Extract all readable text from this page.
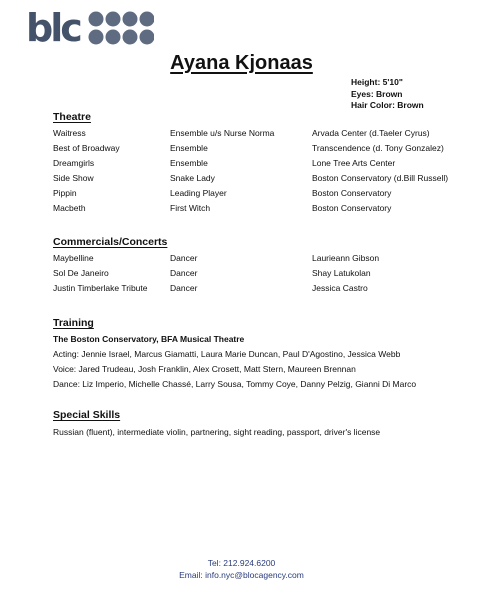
blc
Ayana Kjonaas
Height: 5'10"
Eyes: Brown
Hair Color: Brown
Theatre
Waitress	Ensemble u/s Nurse Norma	Arvada Center (d.Taeler Cyrus)
Best of Broadway	Ensemble	Transcendence (d. Tony Gonzalez)
Dreamgirls	Ensemble	Lone Tree Arts Center
Side Show	Snake Lady	Boston Conservatory (d.Bill Russell)
Pippin	Leading Player	Boston Conservatory
Macbeth	First Witch	Boston Conservatory
Commercials/Concerts
Maybelline	Dancer	Laurieann Gibson
Sol De Janeiro	Dancer	Shay Latukolan
Justin Timberlake Tribute	Dancer	Jessica Castro
Training
The Boston Conservatory, BFA Musical Theatre
Acting: Jennie Israel, Marcus Giamatti, Laura Marie Duncan, Paul D'Agostino, Jessica Webb
Voice: Jared Trudeau, Josh Franklin, Alex Crosett, Matt Stern, Maureen Brennan
Dance: Liz Imperio, Michelle Chassé, Larry Sousa, Tommy Coye, Danny Pelzig, Gianni Di Marco
Special Skills
Russian (fluent), intermediate violin, partnering, sight reading, passport, driver's license
Tel: 212.924.6200
Email: info.nyc@blocagency.com
